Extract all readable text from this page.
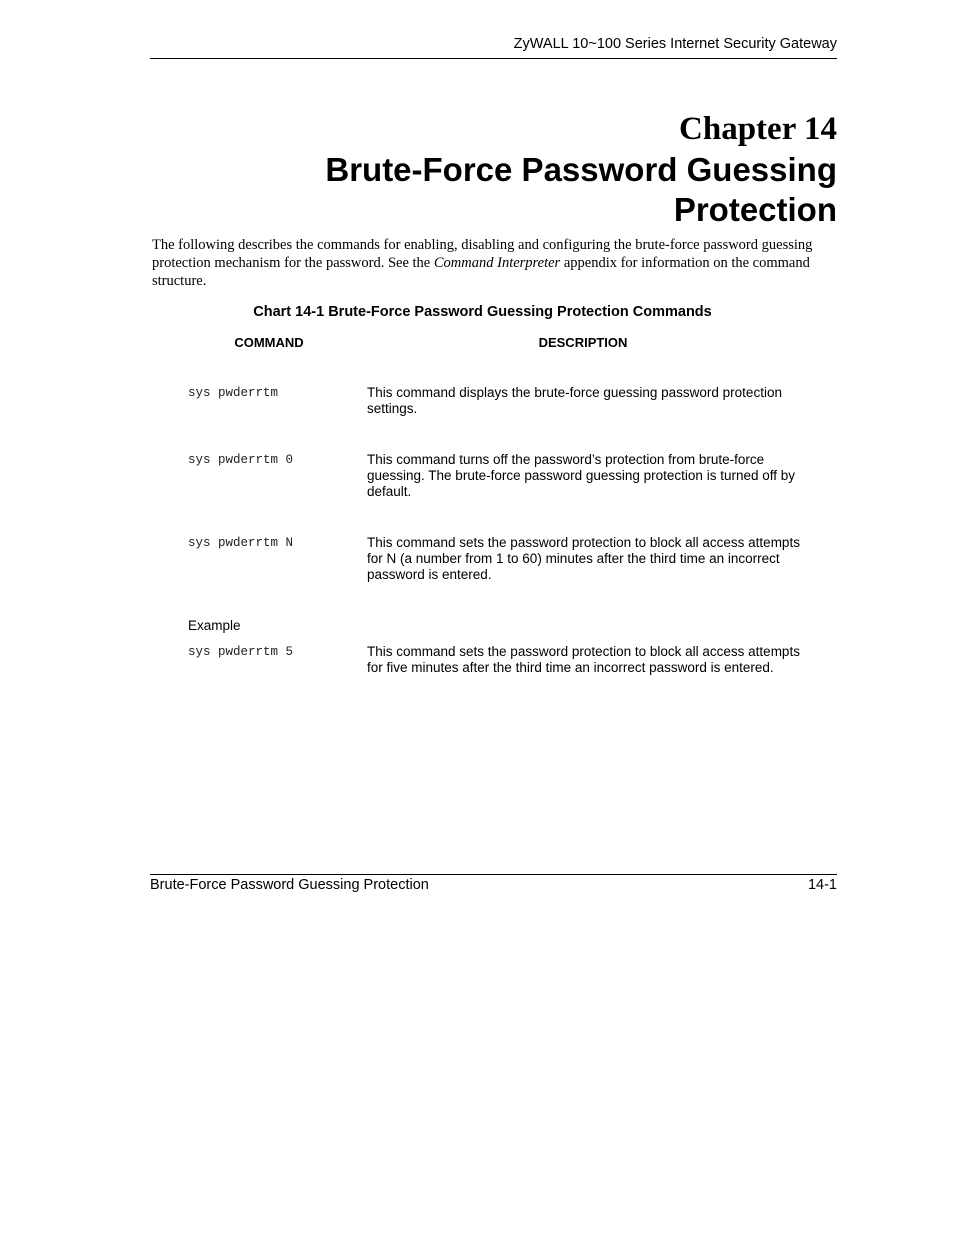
ZyWALL 10~100 Series Internet Security Gateway
Chapter 14
Brute-Force Password Guessing
Protection

The following describes the commands for enabling, disabling and configuring the brute-force password guessing protection mechanism for the password. See the Command Interpreter appendix for information on the command structure.

Chart 14-1 Brute-Force Password Guessing Protection Commands
COMMAND	DESCRIPTION
sys pwderrtm	This command displays the brute-force guessing password protection settings.
sys pwderrtm 0	This command turns off the password’s protection from brute-force guessing. The brute-force password guessing protection is turned off by default.
sys pwderrtm N	This command sets the password protection to block all access attempts for N (a number from 1 to 60) minutes after the third time an incorrect password is entered.
Example
sys pwderrtm 5	This command sets the password protection to block all access attempts for five minutes after the third time an incorrect password is entered.
Brute-Force Password Guessing Protection	14-1
